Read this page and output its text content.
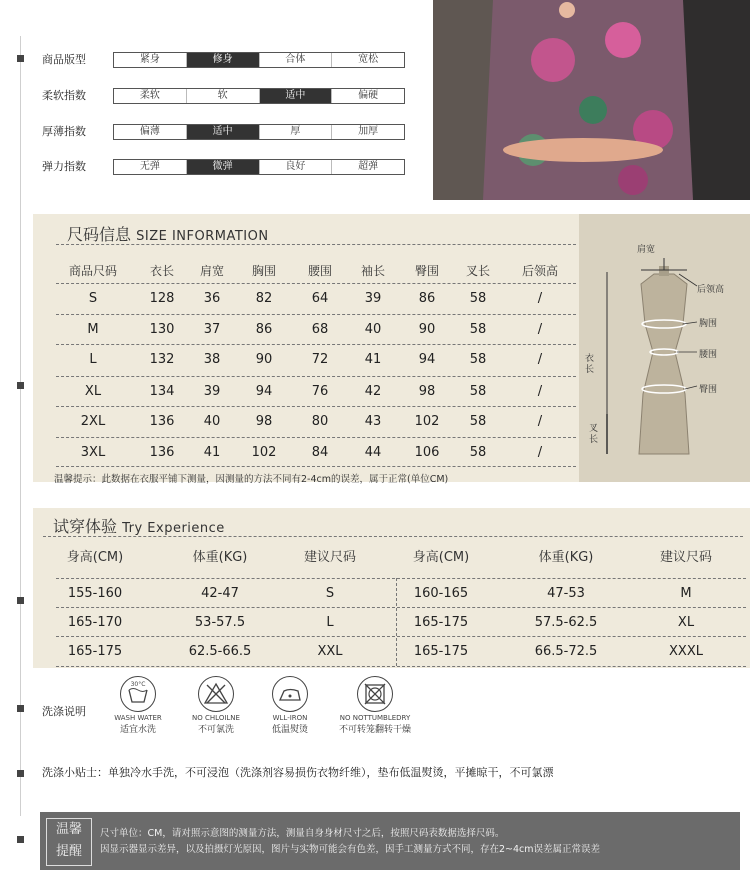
商品版型	紧身	修身	合体	宽松
柔软指数	柔软	软	适中	偏硬
厚薄指数	偏薄	适中	厚	加厚
弹力指数	无弹	微弹	良好	超弹
尺码信息 SIZE INFORMATION
商品尺码	衣长	肩宽	胸围	腰围	袖长	臀围	叉长	后领高
S	128	36	82	64	39	86	58	/
M	130	37	86	68	40	90	58	/
L	132	38	90	72	41	94	58	/
XL	134	39	94	76	42	98	58	/
2XL	136	40	98	80	43	102	58	/
3XL	136	41	102	84	44	106	58	/
温馨提示：此数据在衣服平铺下测量，因测量的方法不同有2-4cm的误差，属于正常(单位CM)
肩宽
后领高
胸围
腰围
臀围
衣长
叉长
试穿体验 Try Experience
身高(CM)	体重(KG)	建议尺码	身高(CM)	体重(KG)	建议尺码
155-160	42-47	S	160-165	47-53	M
165-170	53-57.5	L	165-175	57.5-62.5	XL
165-175	62.5-66.5	XXL	165-175	66.5-72.5	XXXL
洗涤说明
30°C
WASH WATER
适宜水洗
NO CHLOILNE
不可氯洗
WLL-IRON
低温熨烫
NO NOTTUMBLEDRY
不可转笼翻转干燥
洗涤小贴士：单独冷水手洗，不可浸泡（洗涤剂容易损伤衣物纤维），垫布低温熨烫，平摊晾干，不可氯漂
温馨
提醒
尺寸单位：CM，请对照示意图的测量方法，测量自身身材尺寸之后，按照尺码表数据选择尺码。
因显示器显示差异，以及拍摄灯光原因，图片与实物可能会有色差，因手工测量方式不同，存在2~4cm误差属正常误差
